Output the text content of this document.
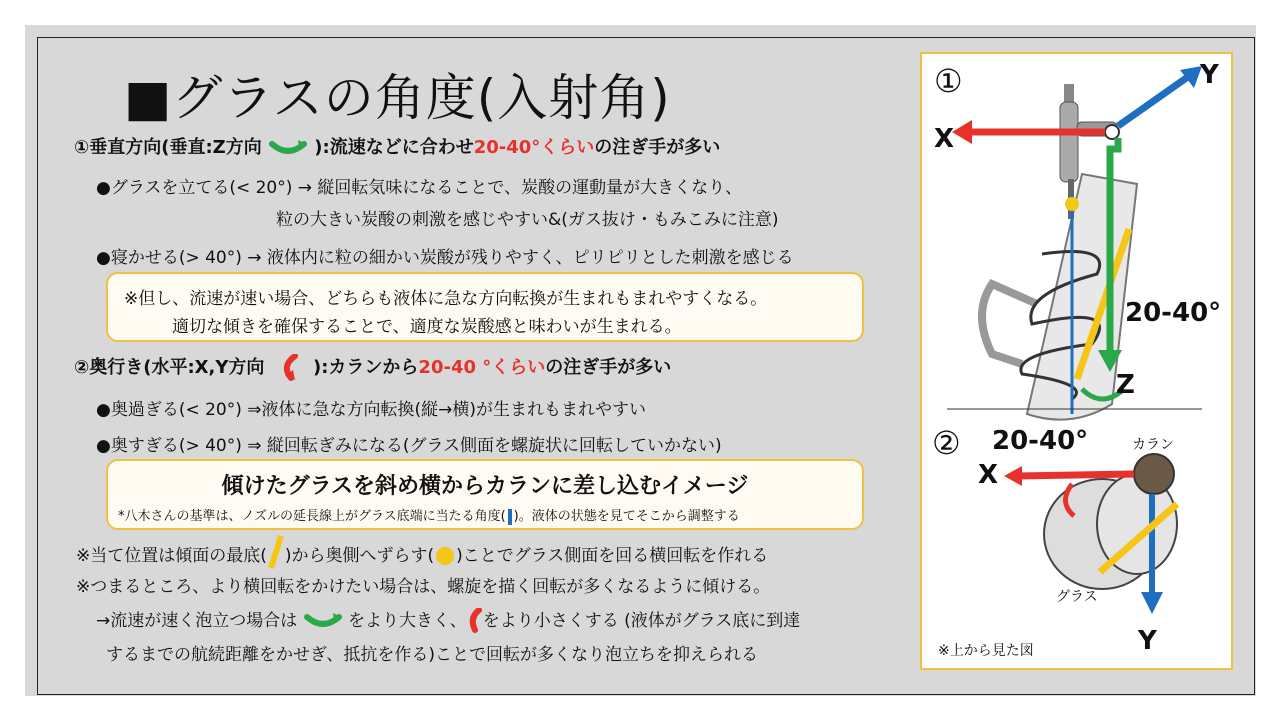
■グラスの角度(入射角)
①垂直方向(垂直:Z方向	):流速などに合わせ20-40°くらいの注ぎ手が多い
●グラスを立てる(< 20°) → 縦回転気味になることで、炭酸の運動量が大きくなり、
粒の大きい炭酸の刺激を感じやすい&(ガス抜け・もみこみに注意)
●寝かせる(> 40°) → 液体内に粒の細かい炭酸が残りやすく、ピリピリとした刺激を感じる
※但し、流速が速い場合、どちらも液体に急な方向転換が生まれもまれやすくなる。
適切な傾きを確保することで、適度な炭酸感と味わいが生まれる。
②奥行き(水平:X,Y方向	):カランから20-40 °くらいの注ぎ手が多い
●奥過ぎる(< 20°) ⇒液体に急な方向転換(縦→横)が生まれもまれやすい
●奥すぎる(> 40°) ⇒ 縦回転ぎみになる(グラス側面を螺旋状に回転していかない)
傾けたグラスを斜め横からカランに差し込むイメージ
*八木さんの基準は、ノズルの延長線上がグラス底端に当たる角度( )。液体の状態を見てそこから調整する
※当て位置は傾面の最底( )から奥側へずらす( )ことでグラス側面を回る横回転を作れる
※つまるところ、より横回転をかけたい場合は、螺旋を描く回転が多くなるように傾ける。
→流速が速く泡立つ場合は	をより大きく、 をより小さくする (液体がグラス底に到達
するまでの航続距離をかせぎ、抵抗を作る)ことで回転が多くなり泡立ちを抑えられる
①
X
Y
Z
20-40°
② 20-40°
X
カラン
グラス
Y
※上から見た図
